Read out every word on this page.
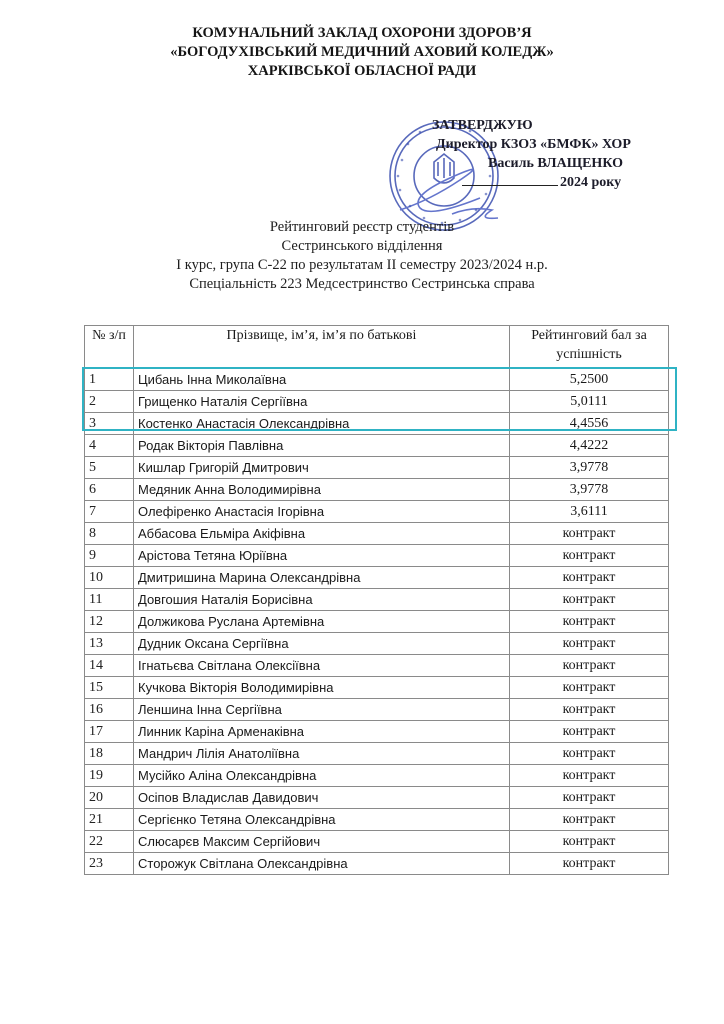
КОМУНАЛЬНИЙ ЗАКЛАД ОХОРОНИ ЗДОРОВ’Я
«БОГОДУХІВСЬКИЙ МЕДИЧНИЙ АХОВИЙ КОЛЕДЖ»
ХАРКІВСЬКОЇ ОБЛАСНОЇ РАДИ
ЗАТВЕРДЖУЮ
Директор КЗОЗ «БМФК» ХОР
Василь ВЛАЩЕНКО
2024 року
Рейтинговий реєстр студентів
Сестринського відділення
І курс, група С-22 по результатам ІІ семестру 2023/2024 н.р.
Спеціальність 223 Медсестринство Сестринська справа
№ з/п	Прізвище, ім’я, ім’я по батькові	Рейтинговий бал за успішність
1	Цибань Інна Миколаївна	5,2500
2	Грищенко Наталія Сергіївна	5,0111
3	Костенко Анастасія Олександрівна	4,4556
4	Родак Вікторія Павлівна	4,4222
5	Кишлар Григорій Дмитрович	3,9778
6	Медяник Анна Володимирівна	3,9778
7	Олефіренко Анастасія Ігорівна	3,6111
8	Аббасова Ельміра Акіфівна	контракт
9	Арістова Тетяна Юріївна	контракт
10	Дмитришина Марина Олександрівна	контракт
11	Довгошия Наталія Борисівна	контракт
12	Должикова Руслана Артемівна	контракт
13	Дудник Оксана Сергіївна	контракт
14	Ігнатьєва Світлана Олексіївна	контракт
15	Кучкова Вікторія Володимирівна	контракт
16	Леншина Інна Сергіївна	контракт
17	Линник Каріна Арменаківна	контракт
18	Мандрич Лілія Анатоліївна	контракт
19	Мусійко Аліна Олександрівна	контракт
20	Осіпов Владислав Давидович	контракт
21	Сергієнко Тетяна Олександрівна	контракт
22	Слюсарєв Максим Сергійович	контракт
23	Сторожук Світлана Олександрівна	контракт
